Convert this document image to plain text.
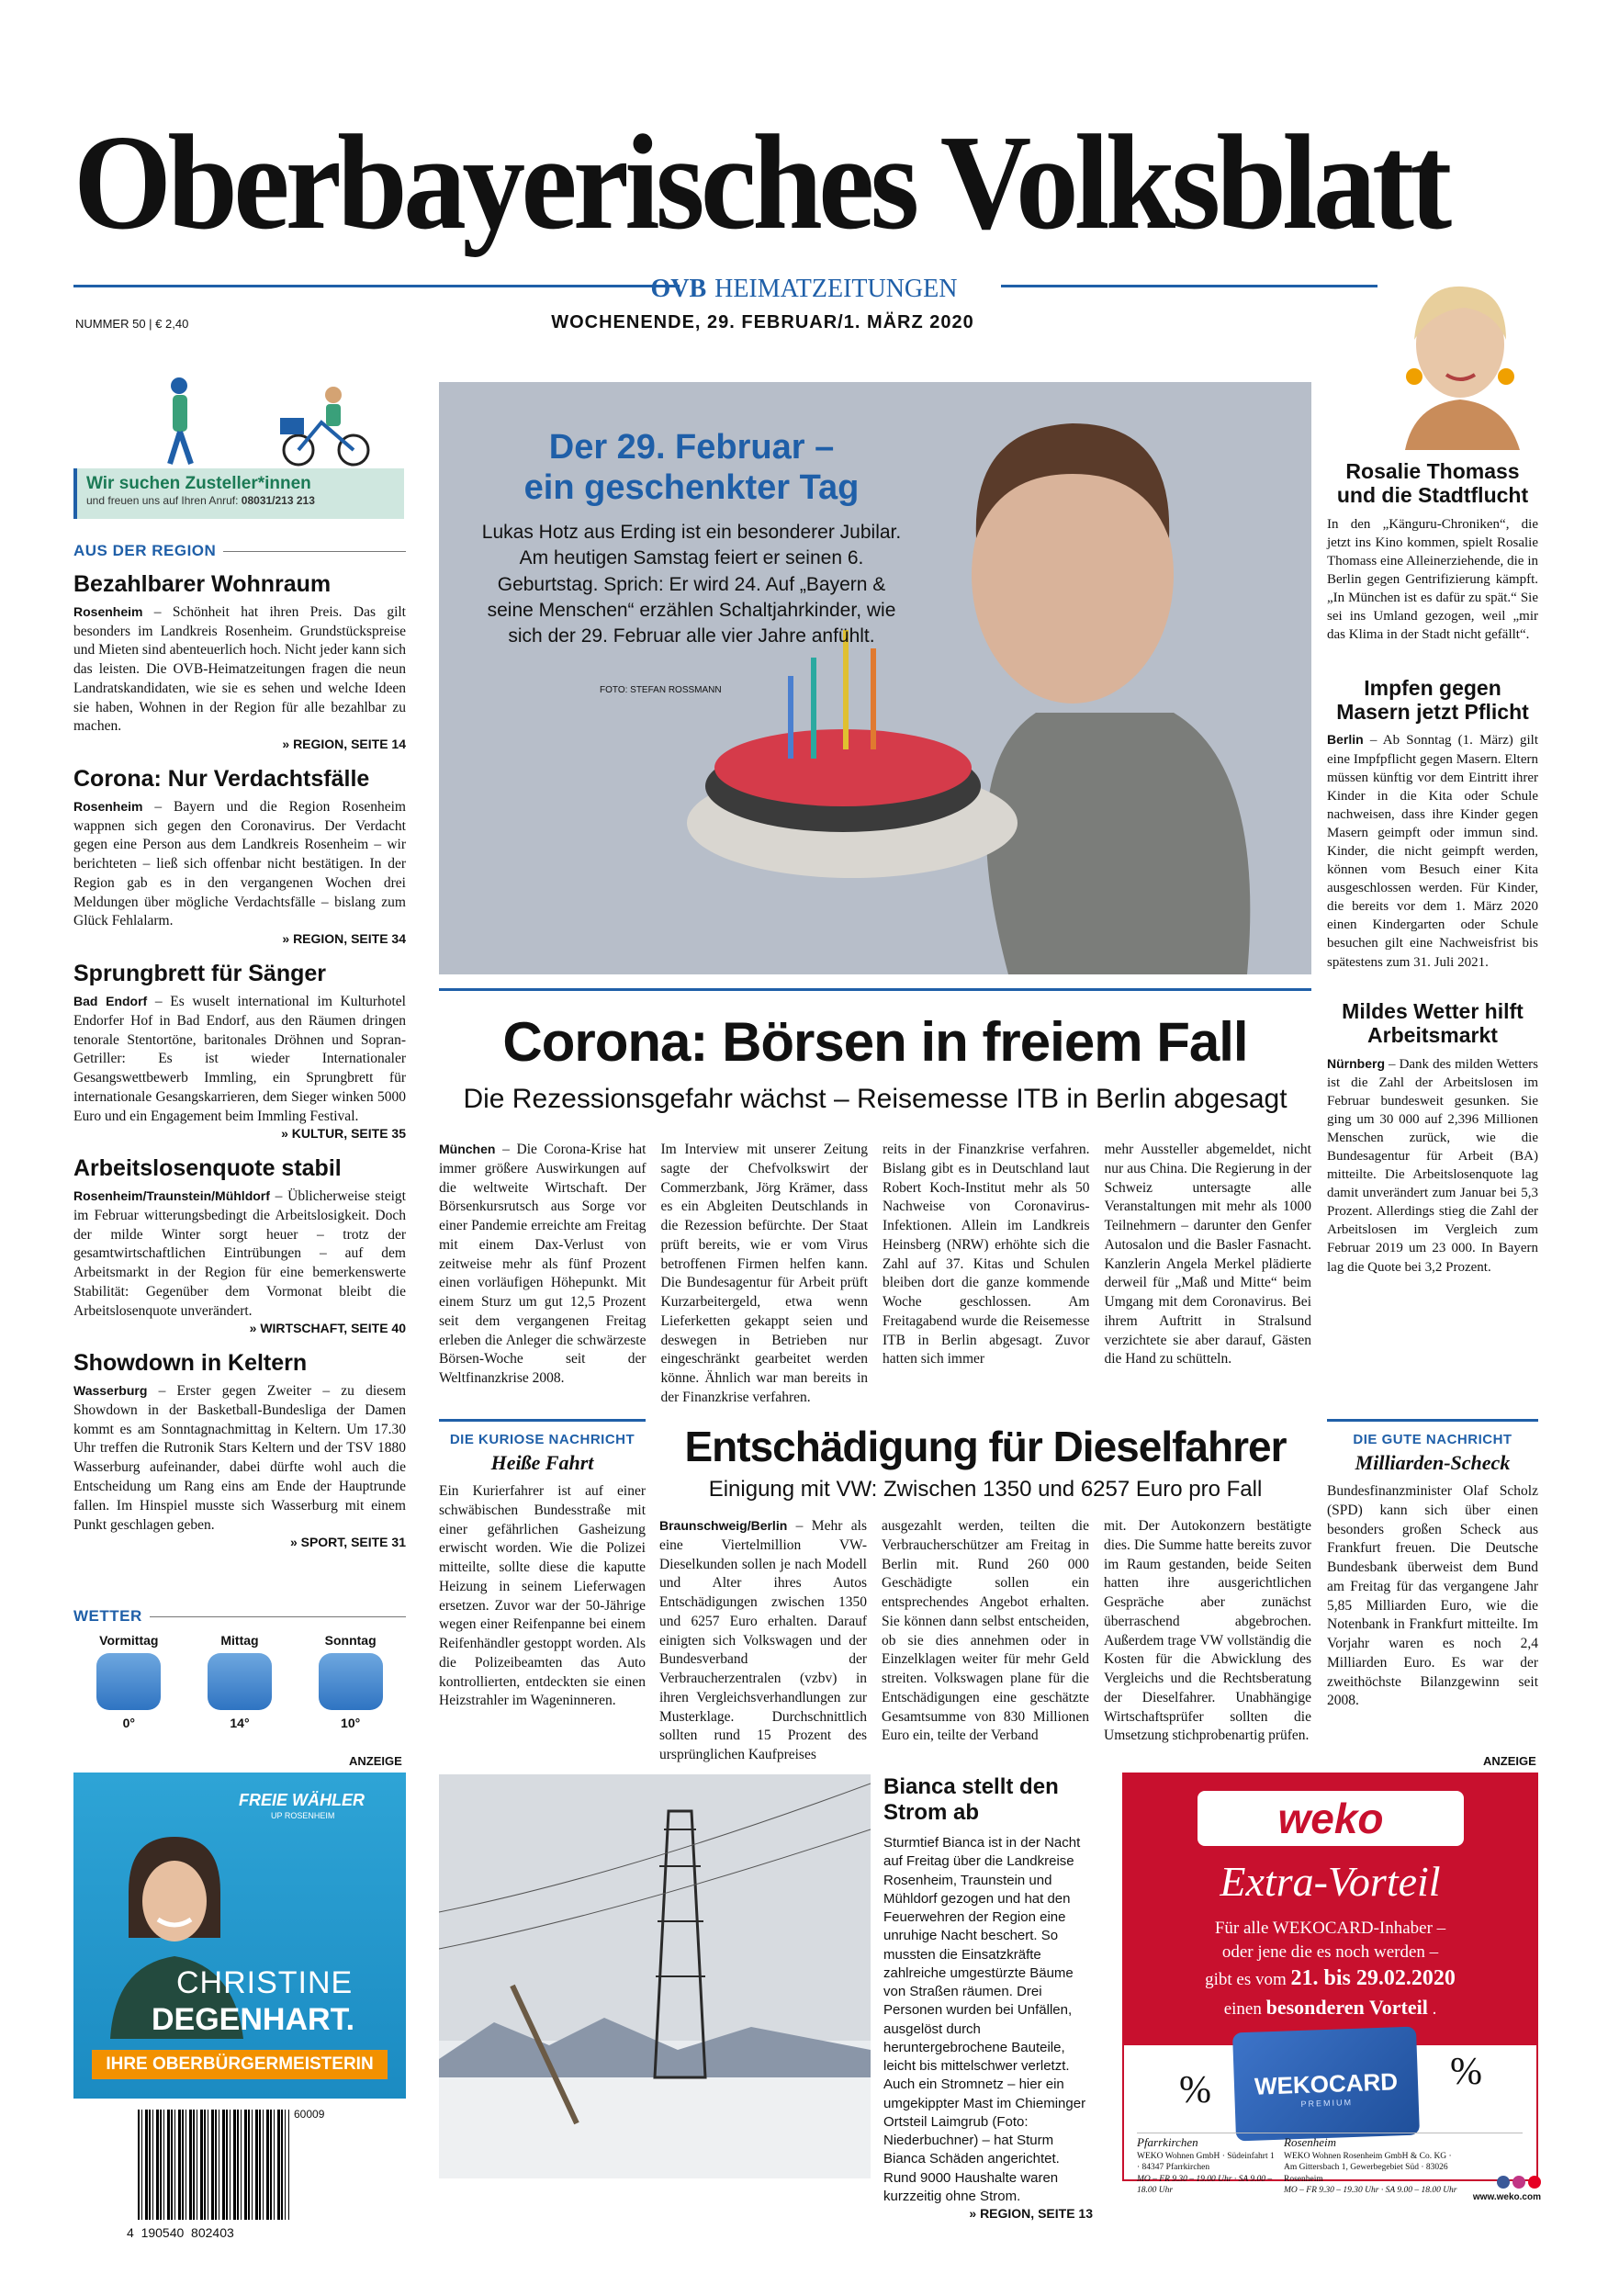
Oberbayerisches Volksblatt
OVB HEIMATZEITUNGEN
NUMMER 50 | € 2,40	WOCHENENDE, 29. FEBRUAR/1. MÄRZ 2020
Wir suchen Zusteller*innen
und freuen uns auf Ihren Anruf: 08031/213 213
AUS DER REGION
Bezahlbarer Wohnraum

Rosenheim – Schönheit hat ihren Preis. Das gilt besonders im Landkreis Rosenheim. Grundstückspreise und Mieten sind abenteuerlich hoch. Nicht jeder kann sich das leisten. Die OVB-Heimatzeitungen fragen die neun Landratskandidaten, wie sie es sehen und welche Ideen sie haben, Wohnen in der Region für alle bezahlbar zu machen.

» REGION, SEITE 14
Corona: Nur Verdachtsfälle

Rosenheim – Bayern und die Region Rosenheim wappnen sich gegen den Coronavirus. Der Verdacht gegen eine Person aus dem Landkreis Rosenheim – wir berichteten – ließ sich offenbar nicht bestätigen. In der Region gab es in den vergangenen Wochen drei Meldungen über mögliche Verdachtsfälle – bislang zum Glück Fehlalarm.

» REGION, SEITE 34
Sprungbrett für Sänger

Bad Endorf – Es wuselt international im Kulturhotel Endorfer Hof in Bad Endorf, aus den Räumen dringen tenorale Stentortöne, baritonales Dröhnen und Sopran-Getriller: Es ist wieder Internationaler Gesangswettbewerb Immling, ein Sprungbrett für internationale Gesangskarrieren, dem Sieger winken 5000 Euro und ein Engagement beim Immling Festival.

» KULTUR, SEITE 35
Arbeitslosenquote stabil

Rosenheim/Traunstein/Mühldorf – Üblicherweise steigt im Februar witterungsbedingt die Arbeitslosigkeit. Doch der milde Winter sorgt heuer – trotz der gesamtwirtschaftlichen Eintrübungen – auf dem Arbeitsmarkt in der Region für eine bemerkenswerte Stabilität: Gegenüber dem Vormonat bleibt die Arbeitslosenquote unverändert.

» WIRTSCHAFT, SEITE 40
Showdown in Keltern

Wasserburg – Erster gegen Zweiter – zu diesem Showdown in der Basketball-Bundesliga der Damen kommt es am Sonntagnachmittag in Keltern. Um 17.30 Uhr treffen die Rutronik Stars Keltern und der TSV 1880 Wasserburg aufeinander, dabei dürfte wohl auch die Entscheidung um Rang eins am Ende der Hauptrunde fallen. Im Hinspiel musste sich Wasserburg mit einem Punkt geschlagen geben.

» SPORT, SEITE 31
WETTER
Vormittag
0°
Mittag
14°
Sonntag
10°
ANZEIGE
FREIE WÄHLER
UP ROSENHEIM
CHRISTINE
DEGENHART.
IHRE OBERBÜRGERMEISTERIN
60009
4  190540  802403
Der 29. Februar –
ein geschenkter Tag
Lukas Hotz aus Erding ist ein besonderer Jubilar. Am heutigen Samstag feiert er seinen 6. Geburtstag. Sprich: Er wird 24. Auf „Bayern & seine Menschen“ erzählen Schaltjahrkinder, wie sich der 29. Februar alle vier Jahre anfühlt.
FOTO: STEFAN ROSSMANN
Corona: Börsen in freiem Fall
Die Rezessionsgefahr wächst – Reisemesse ITB in Berlin abgesagt

München – Die Corona-Krise hat immer größere Auswirkungen auf die weltweite Wirtschaft. Der Börsenkursrutsch aus Sorge vor einer Pandemie erreichte am Freitag mit einem Dax-Verlust von zeitweise mehr als fünf Prozent einen vorläufigen Höhepunkt. Mit einem Sturz um gut 12,5 Prozent seit dem vergangenen Freitag erleben die Anleger die schwärzeste Börsen-Woche seit der Weltfinanzkrise 2008.

Im Interview mit unserer Zeitung sagte der Chefvolkswirt der Commerzbank, Jörg Krämer, dass es ein Abgleiten Deutschlands in die Rezession befürchte. Der Staat prüft bereits, wie er vom Virus betroffenen Firmen helfen kann. Die Bundesagentur für Arbeit prüft Kurzarbeitergeld, etwa wenn Lieferketten gekappt seien und deswegen in Betrieben nur eingeschränkt gearbeitet werden könne. Ähnlich war man bereits in der Finanzkrise verfahren.

reits in der Finanzkrise verfahren. Bislang gibt es in Deutschland laut Robert Koch-Institut mehr als 50 Nachweise von Coronavirus-Infektionen. Allein im Landkreis Heinsberg (NRW) erhöhte sich die Zahl auf 37. Kitas und Schulen bleiben dort die ganze kommende Woche geschlossen. Am Freitagabend wurde die Reisemesse ITB in Berlin abgesagt. Zuvor hatten sich immer

mehr Aussteller abgemeldet, nicht nur aus China. Die Regierung in der Schweiz untersagte alle Veranstaltungen mit mehr als 1000 Teilnehmern – darunter den Genfer Autosalon und die Basler Fasnacht. Kanzlerin Angela Merkel plädierte derweil für „Maß und Mitte“ beim Umgang mit dem Coronavirus. Bei ihrem Auftritt in Stralsund verzichtete sie aber darauf, Gästen die Hand zu schütteln.

Rosalie Thomass und die Stadtflucht

In den „Känguru-Chroniken“, die jetzt ins Kino kommen, spielt Rosalie Thomass eine Alleinerziehende, die in Berlin gegen Gentrifizierung kämpft. „In München ist es dafür zu spät.“ Sie sei ins Umland gezogen, weil „mir das Klima in der Stadt nicht gefällt“.

Impfen gegen Masern jetzt Pflicht

Berlin – Ab Sonntag (1. März) gilt eine Impfpflicht gegen Masern. Eltern müssen künftig vor dem Eintritt ihrer Kinder in die Kita oder Schule nachweisen, dass ihre Kinder gegen Masern geimpft oder immun sind. Kinder, die nicht geimpft werden, können vom Besuch einer Kita ausgeschlossen werden. Für Kinder, die bereits vor dem 1. März 2020 einen Kindergarten oder Schule besuchen gilt eine Nachweisfrist bis spätestens zum 31. Juli 2021.

Mildes Wetter hilft Arbeitsmarkt

Nürnberg – Dank des milden Wetters ist die Zahl der Arbeitslosen im Februar bundesweit gesunken. Sie ging um 30 000 auf 2,396 Millionen Menschen zurück, wie die Bundesagentur für Arbeit (BA) mitteilte. Die Arbeitslosenquote lag damit unverändert zum Januar bei 5,3 Prozent. Allerdings stieg die Zahl der Arbeitslosen im Vergleich zum Februar 2019 um 23 000. In Bayern lag die Quote bei 3,2 Prozent.

DIE KURIOSE NACHRICHT
Heiße Fahrt

Ein Kurierfahrer ist auf einer schwäbischen Bundesstraße mit einer gefährlichen Gasheizung erwischt worden. Wie die Polizei mitteilte, sollte diese die kaputte Heizung in seinem Lieferwagen ersetzen. Zuvor war der 50-Jährige wegen einer Reifenpanne bei einem Reifenhändler gestoppt worden. Als die Polizeibeamten das Auto kontrollierten, entdeckten sie einen Heizstrahler im Wageninneren.

Entschädigung für Dieselfahrer
Einigung mit VW: Zwischen 1350 und 6257 Euro pro Fall

Braunschweig/Berlin – Mehr als eine Viertelmillion VW-Dieselkunden sollen je nach Modell und Alter ihres Autos Entschädigungen zwischen 1350 und 6257 Euro erhalten. Darauf einigten sich Volkswagen und der Bundesverband der Verbraucherzentralen (vzbv) in ihren Vergleichsverhandlungen zur Musterklage. Durchschnittlich sollten rund 15 Prozent des ursprünglichen Kaufpreises

ausgezahlt werden, teilten die Verbraucherschützer am Freitag in Berlin mit. Rund 260 000 Geschädigte sollen ein entsprechendes Angebot erhalten. Sie können dann selbst entscheiden, ob sie dies annehmen oder in Einzelklagen weiter für mehr Geld streiten. Volkswagen plane für die Entschädigungen eine geschätzte Gesamtsumme von 830 Millionen Euro ein, teilte der Verband

mit. Der Autokonzern bestätigte dies. Die Summe hatte bereits zuvor im Raum gestanden, beide Seiten hatten ihre ausgerichtlichen Gespräche aber zunächst überraschend abgebrochen. Außerdem trage VW vollständig die Kosten für die Abwicklung des Vergleichs und die Rechtsberatung der Dieselfahrer. Unabhängige Wirtschaftsprüfer sollten die Umsetzung stichprobenartig prüfen.

DIE GUTE NACHRICHT
Milliarden-Scheck

Bundesfinanzminister Olaf Scholz (SPD) kann sich über einen besonders großen Scheck aus Frankfurt freuen. Die Deutsche Bundesbank überweist dem Bund am Freitag für das vergangene Jahr 5,85 Milliarden Euro, wie die Notenbank in Frankfurt mitteilte. Im Vorjahr waren es noch 2,4 Milliarden Euro. Es war der zweithöchste Bilanzgewinn seit 2008.

Bianca stellt den Strom ab

Sturmtief Bianca ist in der Nacht auf Freitag über die Landkreise Rosenheim, Traunstein und Mühldorf gezogen und hat den Feuerwehren der Region eine unruhige Nacht beschert. So mussten die Einsatzkräfte zahlreiche umgestürzte Bäume von Straßen räumen. Drei Personen wurden bei Unfällen, ausgelöst durch heruntergebrochene Bauteile, leicht bis mittelschwer verletzt. Auch ein Stromnetz – hier ein umgekippter Mast im Chieminger Ortsteil Laimgrub (Foto: Niederbuchner) – hat Sturm Bianca Schäden angerichtet. Rund 9000 Haushalte waren kurzzeitig ohne Strom.

» REGION, SEITE 13
ANZEIGE
weko
Extra-Vorteil
Für alle WEKOCARD-Inhaber –
oder jene die es noch werden –
gibt es vom 21. bis 29.02.2020
einen besonderen Vorteil .
%	%
WEKOCARD
PREMIUM
Pfarrkirchen
WEKO Wohnen GmbH · Südeinfahrt 1 · 84347 Pfarrkirchen
MO – FR 9.30 – 19.00 Uhr · SA 9.00 – 18.00 Uhr
Rosenheim
WEKO Wohnen Rosenheim GmbH & Co. KG · Am Gittersbach 1, Gewerbegebiet Süd · 83026 Rosenheim
MO – FR 9.30 – 19.30 Uhr · SA 9.00 – 18.00 Uhr
www.weko.com
